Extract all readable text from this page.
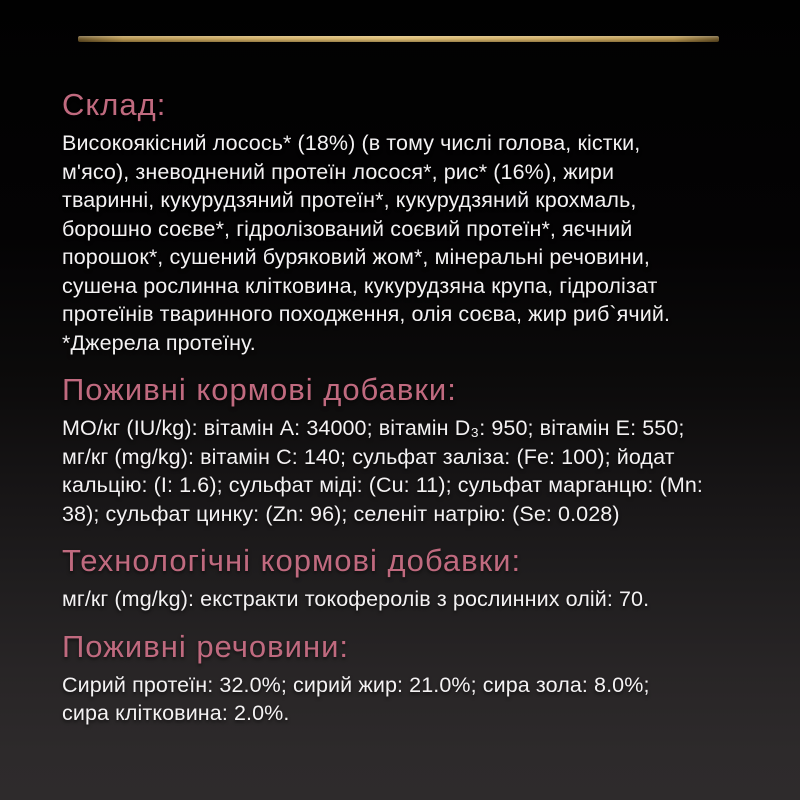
Склад:
Високоякісний лосось* (18%) (в тому числі голова, кістки,
м'ясо), зневоднений протеїн лосося*, рис* (16%), жири
тваринні, кукурудзяний протеїн*, кукурудзяний крохмаль,
борошно соєве*, гідролізований соєвий протеїн*, яєчний
порошок*, сушений буряковий жом*, мінеральні речовини,
сушена рослинна клітковина, кукурудзяна крупа, гідролізат
протеїнів тваринного походження, олія соєва, жир риб`ячий.
*Джерела протеїну.
Поживні кормові добавки:
МО/кг (IU/kg): вітамін A: 34000; вітамін D₃: 950; вітамін E: 550;
мг/кг (mg/kg): вітамін C: 140; сульфат заліза: (Fe: 100); йодат
кальцію: (I: 1.6); сульфат міді: (Cu: 11); сульфат марганцю: (Mn:
38); сульфат цинку: (Zn: 96); селеніт натрію: (Se: 0.028)
Технологічні кормові добавки:
мг/кг (mg/kg): екстракти токоферолів з рослинних олій: 70.
Поживні речовини:
Сирий протеїн: 32.0%; сирий жир: 21.0%; сира зола: 8.0%;
сира клітковина: 2.0%.
